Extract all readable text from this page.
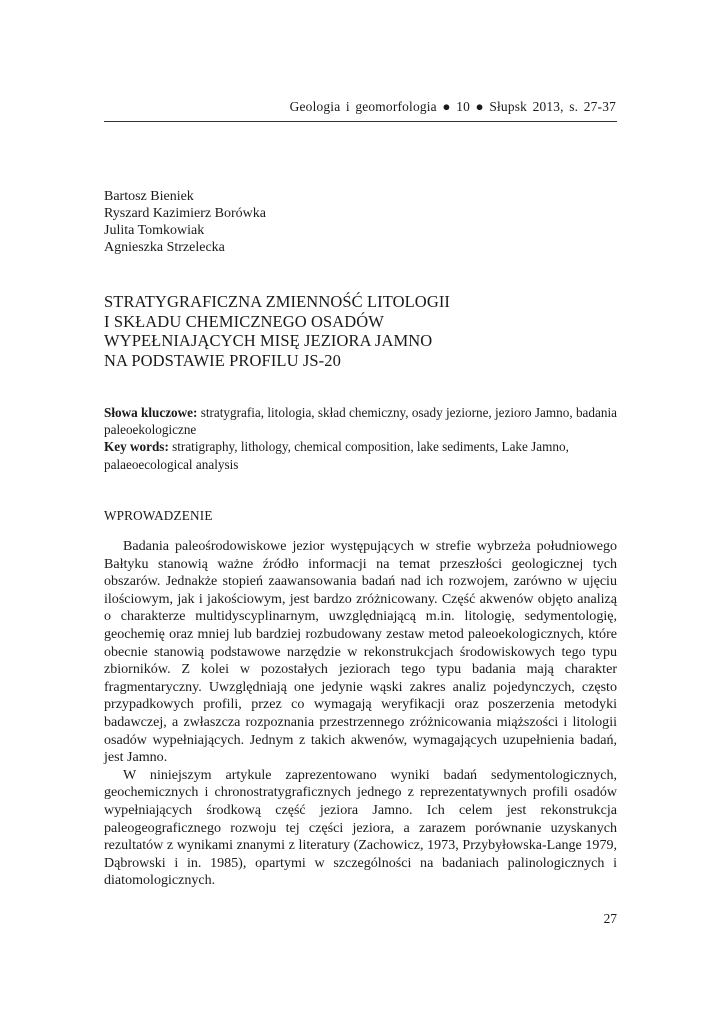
Geologia i geomorfologia ● 10 ● Słupsk 2013, s. 27-37
Bartosz Bieniek
Ryszard Kazimierz Borówka
Julita Tomkowiak
Agnieszka Strzelecka
STRATYGRAFICZNA ZMIENNOŚĆ LITOLOGII
I SKŁADU CHEMICZNEGO OSADÓW
WYPEŁNIAJĄCYCH MISĘ JEZIORA JAMNO
NA PODSTAWIE PROFILU JS-20

Słowa kluczowe: stratygrafia, litologia, skład chemiczny, osady jeziorne, jezioro Jamno, badania paleoekologiczne

Key words: stratigraphy, lithology, chemical composition, lake sediments, Lake Jamno, palaeoecological analysis

WPROWADZENIE

Badania paleośrodowiskowe jezior występujących w strefie wybrzeża południowego Bałtyku stanowią ważne źródło informacji na temat przeszłości geologicznej tych obszarów. Jednakże stopień zaawansowania badań nad ich rozwojem, zarówno w ujęciu ilościowym, jak i jakościowym, jest bardzo zróżnicowany. Część akwenów objęto analizą o charakterze multidyscyplinarnym, uwzględniającą m.in. litologię, sedymentologię, geochemię oraz mniej lub bardziej rozbudowany zestaw metod paleoekologicznych, które obecnie stanowią podstawowe narzędzie w rekonstrukcjach środowiskowych tego typu zbiorników. Z kolei w pozostałych jeziorach tego typu badania mają charakter fragmentaryczny. Uwzględniają one jedynie wąski zakres analiz pojedynczych, często przypadkowych profili, przez co wymagają weryfikacji oraz poszerzenia metodyki badawczej, a zwłaszcza rozpoznania przestrzennego zróżnicowania miąższości i litologii osadów wypełniających. Jednym z takich akwenów, wymagających uzupełnienia badań, jest Jamno.

W niniejszym artykule zaprezentowano wyniki badań sedymentologicznych, geochemicznych i chronostratygraficznych jednego z reprezentatywnych profili osadów wypełniających środkową część jeziora Jamno. Ich celem jest rekonstrukcja paleogeograficznego rozwoju tej części jeziora, a zarazem porównanie uzyskanych rezultatów z wynikami znanymi z literatury (Zachowicz, 1973, Przybyłowska-Lange 1979, Dąbrowski i in. 1985), opartymi w szczególności na badaniach palinologicznych i diatomologicznych.

27
